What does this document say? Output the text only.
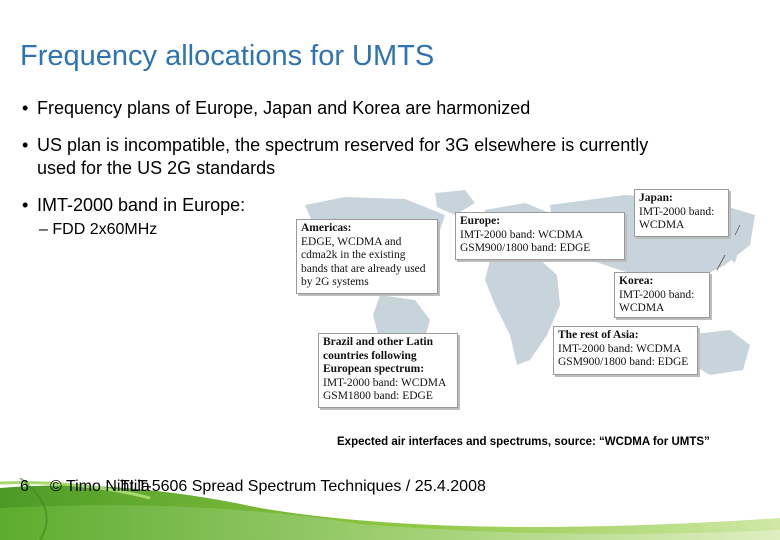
Frequency allocations for UMTS
• Frequency plans of Europe, Japan and Korea are harmonized
• US plan is incompatible, the spectrum reserved for 3G elsewhere is currently used for the US 2G standards
• IMT-2000 band in Europe:
– FDD 2x60MHz	Americas:
EDGE, WCDMA and
cdma2k in the existing
bands that are already used
by 2G systems
Europe:
IMT-2000 band: WCDMA
GSM900/1800 band: EDGE
Japan:
IMT-2000 band:
WCDMA
Korea:
IMT-2000 band:
WCDMA
The rest of Asia:
IMT-2000 band: WCDMA
GSM900/1800 band: EDGE
Brazil and other Latin
countries following
European spectrum:
IMT-2000 band: WCDMA
GSM1800 band: EDGE
Expected air interfaces and spectrums, source: “WCDMA for UMTS”
6 © Timo Nihtilä
TLT-5606 Spread Spectrum Techniques / 25.4.2008
